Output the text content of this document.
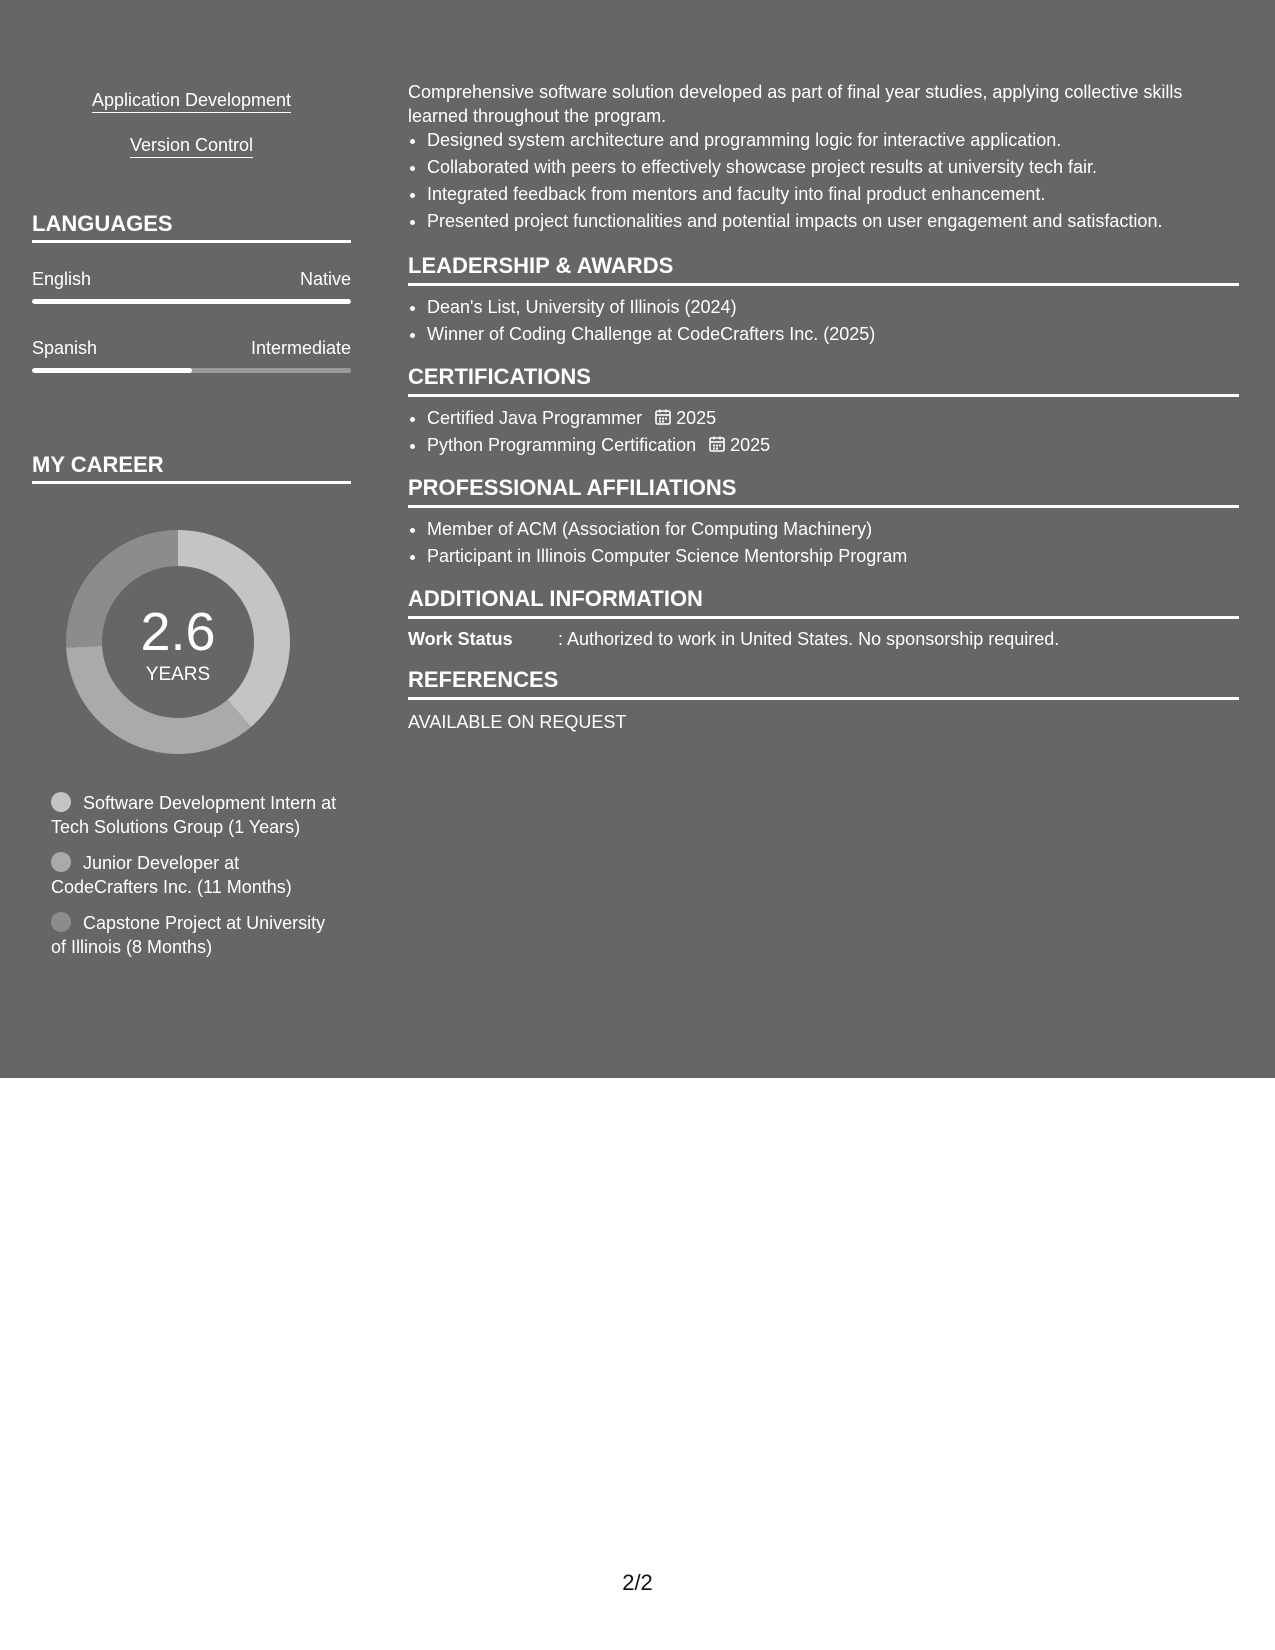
Application Development
Version Control
LANGUAGES
English	Native
Spanish	Intermediate
MY CAREER
2.6
YEARS
Software Development Intern at Tech Solutions Group (1 Years)
Junior Developer at CodeCrafters Inc. (11 Months)
Capstone Project at University of Illinois (8 Months)
Comprehensive software solution developed as part of final year studies, applying collective skills learned throughout the program.
• Designed system architecture and programming logic for interactive application.
• Collaborated with peers to effectively showcase project results at university tech fair.
• Integrated feedback from mentors and faculty into final product enhancement.
• Presented project functionalities and potential impacts on user engagement and satisfaction.
LEADERSHIP & AWARDS
• Dean's List, University of Illinois (2024)
• Winner of Coding Challenge at CodeCrafters Inc. (2025)
CERTIFICATIONS
• Certified Java Programmer 2025
• Python Programming Certification 2025
PROFESSIONAL AFFILIATIONS
• Member of ACM (Association for Computing Machinery)
• Participant in Illinois Computer Science Mentorship Program
ADDITIONAL INFORMATION
Work Status	: Authorized to work in United States. No sponsorship required.
REFERENCES
AVAILABLE ON REQUEST
2/2
